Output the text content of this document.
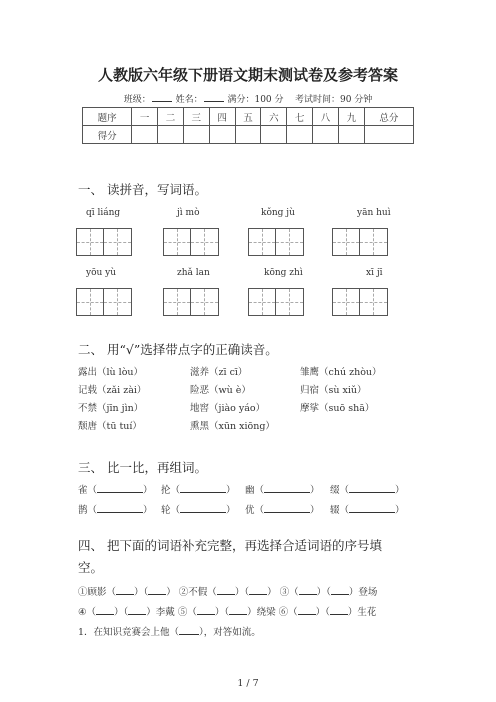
人教版六年级下册语文期末测试卷及参考答案
班级：	姓名：	满分：100 分 考试时间：90 分钟
题序	一	二	三	四	五	六	七	八	九	总分
得分										
一、 读拼音，写词语。
qī liáng	jì mò	kǒng jù	yān huì
yōu yù	zhǎ lan	kōng zhì	xī jī
二、 用“√”选择带点字的正确读音。
露出（lù lòu）	滋养（zī cī）	雏鹰（chú zhòu）
记载（zǎi zài）	险恶（wù è）	归宿（sù xiǔ）
不禁（jīn jìn）	地窖（jiào yáo）	摩挲（suō shā）
颓唐（tū tuí）	熏黑（xūn xiōng）
三、 比一比，再组词。
雀（	） 抡（	） 幽（	） 缀（	）
鹊（	） 轮（	） 优（	） 辍（	）
四、 把下面的词语补充完整，再选择合适词语的序号填
空。
①顾影（ ）（ ） ②不假（ ）（ ） ③（ ）（ ）登场
④（ ）（ ）李戴 ⑤（ ）（ ）绕梁 ⑥（ ）（ ）生花
1．在知识竞赛会上他（ ），对答如流。
1 / 7
